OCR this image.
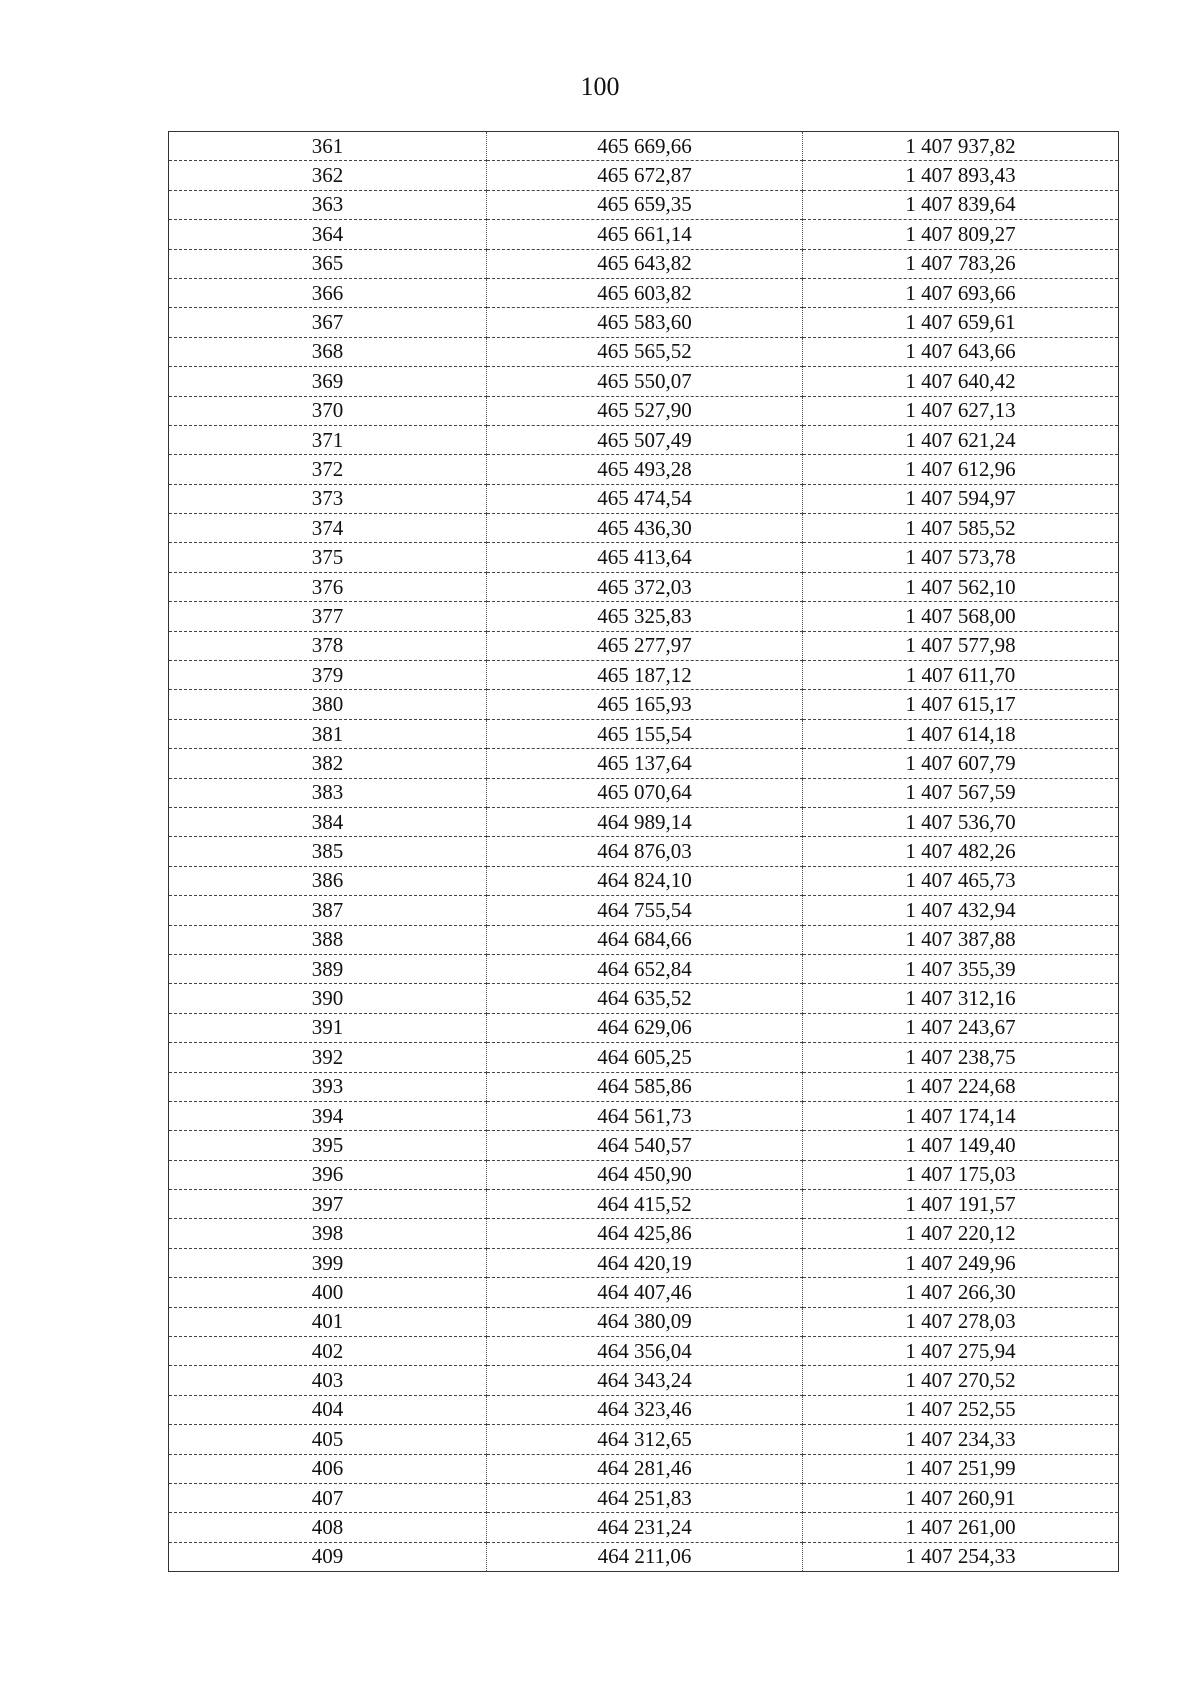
100
361	465 669,66	1 407 937,82
362	465 672,87	1 407 893,43
363	465 659,35	1 407 839,64
364	465 661,14	1 407 809,27
365	465 643,82	1 407 783,26
366	465 603,82	1 407 693,66
367	465 583,60	1 407 659,61
368	465 565,52	1 407 643,66
369	465 550,07	1 407 640,42
370	465 527,90	1 407 627,13
371	465 507,49	1 407 621,24
372	465 493,28	1 407 612,96
373	465 474,54	1 407 594,97
374	465 436,30	1 407 585,52
375	465 413,64	1 407 573,78
376	465 372,03	1 407 562,10
377	465 325,83	1 407 568,00
378	465 277,97	1 407 577,98
379	465 187,12	1 407 611,70
380	465 165,93	1 407 615,17
381	465 155,54	1 407 614,18
382	465 137,64	1 407 607,79
383	465 070,64	1 407 567,59
384	464 989,14	1 407 536,70
385	464 876,03	1 407 482,26
386	464 824,10	1 407 465,73
387	464 755,54	1 407 432,94
388	464 684,66	1 407 387,88
389	464 652,84	1 407 355,39
390	464 635,52	1 407 312,16
391	464 629,06	1 407 243,67
392	464 605,25	1 407 238,75
393	464 585,86	1 407 224,68
394	464 561,73	1 407 174,14
395	464 540,57	1 407 149,40
396	464 450,90	1 407 175,03
397	464 415,52	1 407 191,57
398	464 425,86	1 407 220,12
399	464 420,19	1 407 249,96
400	464 407,46	1 407 266,30
401	464 380,09	1 407 278,03
402	464 356,04	1 407 275,94
403	464 343,24	1 407 270,52
404	464 323,46	1 407 252,55
405	464 312,65	1 407 234,33
406	464 281,46	1 407 251,99
407	464 251,83	1 407 260,91
408	464 231,24	1 407 261,00
409	464 211,06	1 407 254,33
